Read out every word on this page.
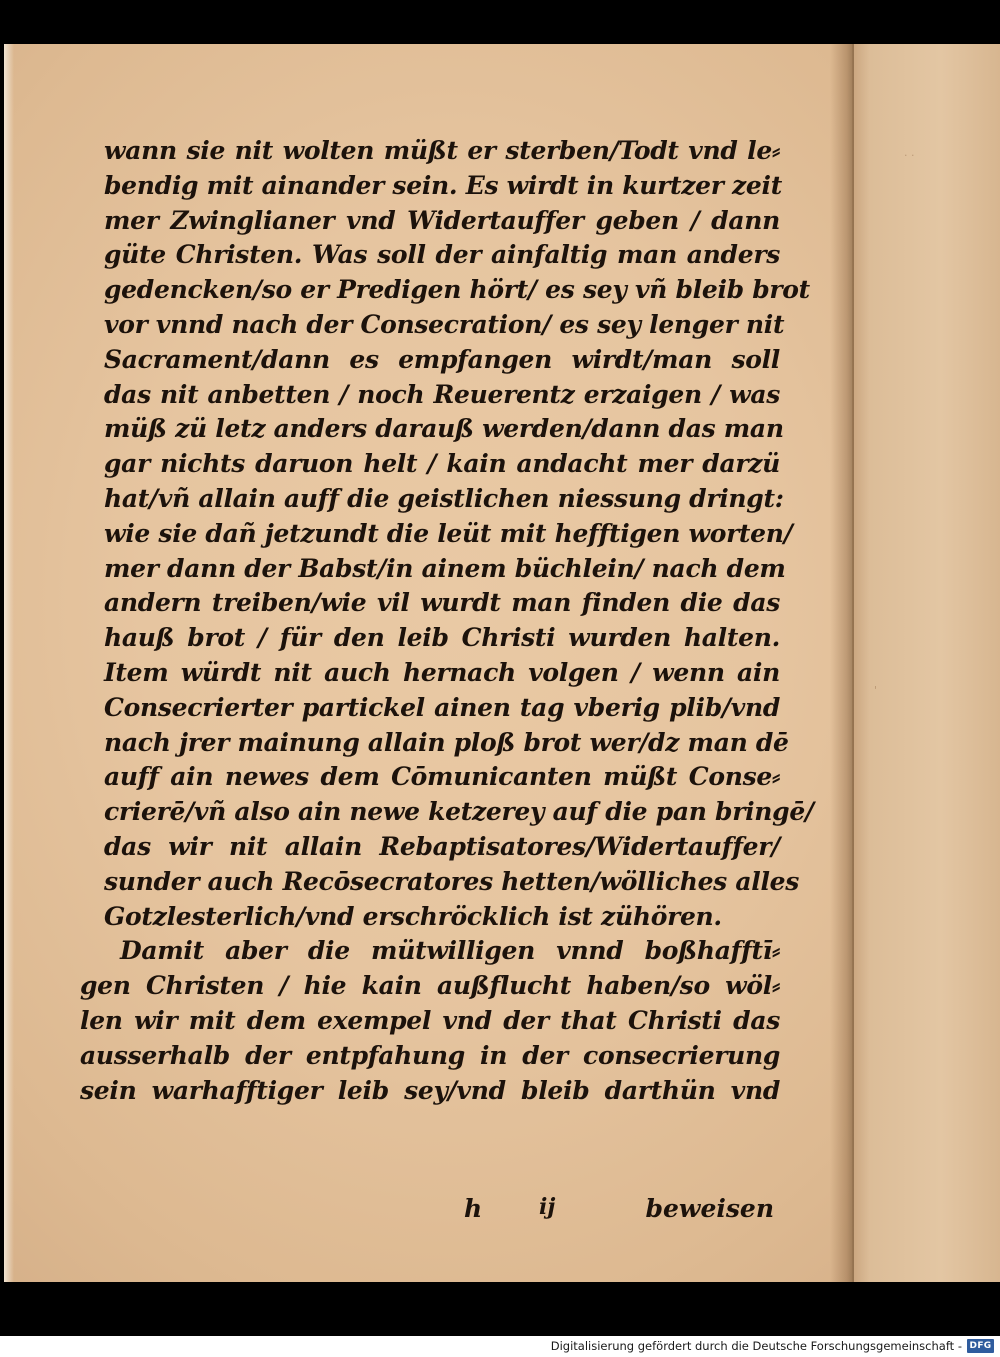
· ·
ꞌ
wann sie nit wolten müßt er sterben/Todt vnd le⸗
bendig mit ainander sein. Es wirdt in kurtzer zeit
mer Zwinglianer vnd Widertauffer geben / dann
güte Christen. Was soll der ainfaltig man anders
gedencken/so er Predigen hört/ es sey vñ bleib brot
vor vnnd nach der Consecration/ es sey lenger nit
Sacrament/dann es empfangen wirdt/man soll
das nit anbetten / noch Reuerentz erzaigen / was
müß zü letz anders darauß werden/dann das man
gar nichts daruon helt / kain andacht mer darzü
hat/vñ allain auff die geistlichen niessung dringt:
wie sie dañ jetzundt die leüt mit hefftigen worten/
mer dann der Babst/in ainem büchlein/ nach dem
andern treiben/wie vil wurdt man finden die das
hauß brot / für den leib Christi wurden halten.
Item würdt nit auch hernach volgen / wenn ain
Consecrierter partickel ainen tag vberig plib/vnd
nach jrer mainung allain ploß brot wer/dz man dē
auff ain newes dem Cōmunicanten müßt Conse⸗
crierē/vñ also ain newe ketzerey auf die pan bringē/
das wir nit allain Rebaptisatores/Widertauffer/
sunder auch Recōsecratores hetten/wölliches alles
Gotzlesterlich/vnd erschröcklich ist zühören.
Damit aber die mütwilligen vnnd boßhafftī⸗
gen Christen / hie kain außflucht haben/so wöl⸗
len wir mit dem exempel vnd der that Christi das
ausserhalb der entpfahung in der consecrierung
sein warhafftiger leib sey/vnd bleib darthün vnd
h	ij	beweisen
Digitalisierung gefördert durch die Deutsche Forschungsgemeinschaft - DFG
